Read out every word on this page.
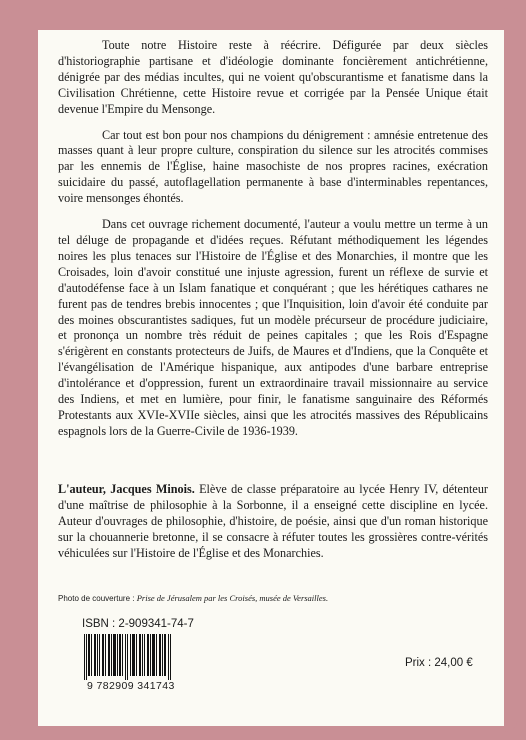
Toute notre Histoire reste à réécrire. Défigurée par deux siècles d'historiographie partisane et d'idéologie dominante foncièrement antichrétienne, dénigrée par des médias incultes, qui ne voient qu'obscurantisme et fanatisme dans la Civilisation Chrétienne, cette Histoire revue et corrigée par la Pensée Unique était devenue l'Empire du Mensonge.

Car tout est bon pour nos champions du dénigrement : amnésie entretenue des masses quant à leur propre culture, conspiration du silence sur les atrocités commises par les ennemis de l'Église, haine masochiste de nos propres racines, exécration suicidaire du passé, autoflagellation permanente à base d'interminables repentances, voire mensonges éhontés.

Dans cet ouvrage richement documenté, l'auteur a voulu mettre un terme à un tel déluge de propagande et d'idées reçues. Réfutant méthodiquement les légendes noires les plus tenaces sur l'Histoire de l'Église et des Monarchies, il montre que les Croisades, loin d'avoir constitué une injuste agression, furent un réflexe de survie et d'autodéfense face à un Islam fanatique et conquérant ; que les hérétiques cathares ne furent pas de tendres brebis innocentes ; que l'Inquisition, loin d'avoir été conduite par des moines obscurantistes sadiques, fut un modèle précurseur de procédure judiciaire, et prononça un nombre très réduit de peines capitales ; que les Rois d'Espagne s'érigèrent en constants protecteurs de Juifs, de Maures et d'Indiens, que la Conquête et l'évangélisation de l'Amérique hispanique, aux antipodes d'une barbare entreprise d'intolérance et d'oppression, furent un extraordinaire travail missionnaire au service des Indiens, et met en lumière, pour finir, le fanatisme sanguinaire des Réformés Protestants aux XVIe-XVIIe siècles, ainsi que les atrocités massives des Républicains espagnols lors de la Guerre-Civile de 1936-1939.

L'auteur, Jacques Minois. Elève de classe préparatoire au lycée Henry IV, détenteur d'une maîtrise de philosophie à la Sorbonne, il a enseigné cette discipline en lycée. Auteur d'ouvrages de philosophie, d'histoire, de poésie, ainsi que d'un roman historique sur la chouannerie bretonne, il se consacre à réfuter toutes les grossières contre-vérités véhiculées sur l'Histoire de l'Église et des Monarchies.

Photo de couverture : Prise de Jérusalem par les Croisés, musée de Versailles.
ISBN : 2-909341-74-7
9 782909 341743
Prix : 24,00 €
